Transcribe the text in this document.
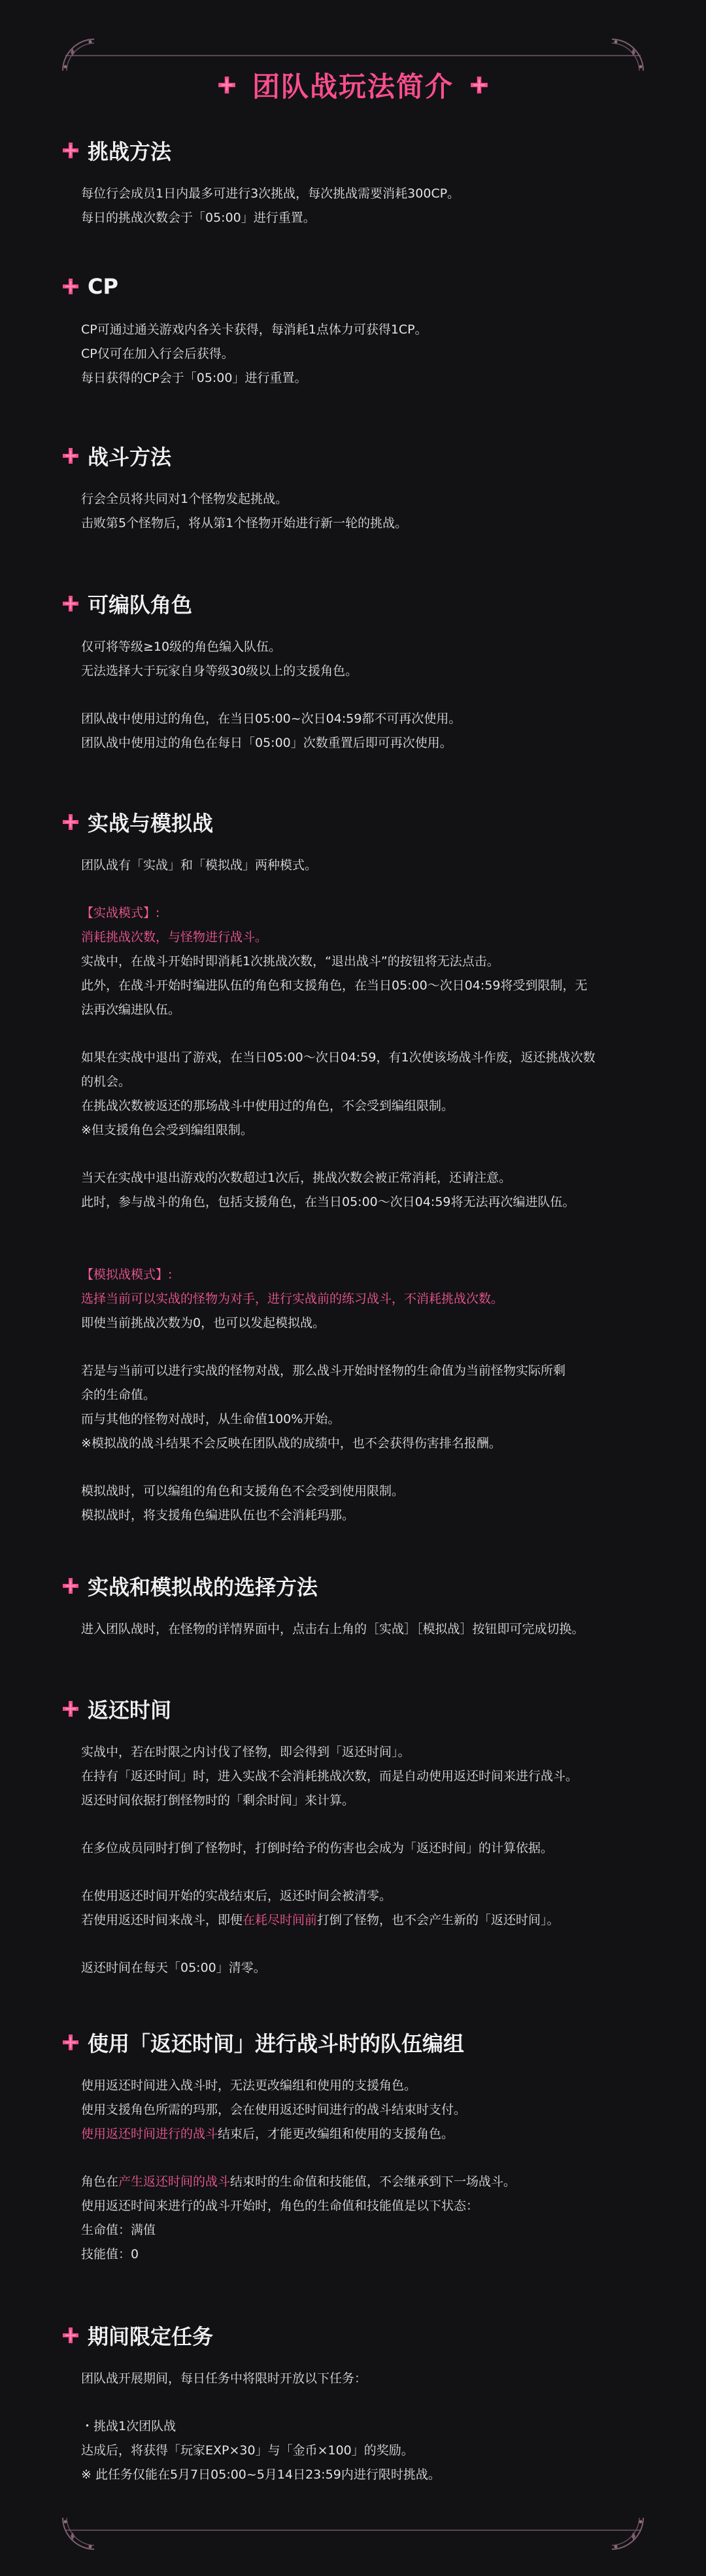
团队战玩法简介
挑战方法

每位行会成员1日内最多可进行3次挑战，每次挑战需要消耗300CP。

每日的挑战次数会于「05:00」进行重置。

CP

CP可通过通关游戏内各关卡获得，每消耗1点体力可获得1CP。

CP仅可在加入行会后获得。

每日获得的CP会于「05:00」进行重置。

战斗方法

行会全员将共同对1个怪物发起挑战。

击败第5个怪物后，将从第1个怪物开始进行新一轮的挑战。

可编队角色

仅可将等级≥10级的角色编入队伍。

无法选择大于玩家自身等级30级以上的支援角色。

团队战中使用过的角色，在当日05:00~次日04:59都不可再次使用。

团队战中使用过的角色在每日「05:00」次数重置后即可再次使用。

实战与模拟战

团队战有「实战」和「模拟战」两种模式。

【实战模式】:

消耗挑战次数，与怪物进行战斗。

实战中，在战斗开始时即消耗1次挑战次数，“退出战斗”的按钮将无法点击。

此外，在战斗开始时编进队伍的角色和支援角色，在当日05:00～次日04:59将受到限制，无

法再次编进队伍。

如果在实战中退出了游戏，在当日05:00～次日04:59，有1次使该场战斗作废，返还挑战次数

的机会。

在挑战次数被返还的那场战斗中使用过的角色，不会受到编组限制。

※但支援角色会受到编组限制。

当天在实战中退出游戏的次数超过1次后，挑战次数会被正常消耗，还请注意。

此时，参与战斗的角色，包括支援角色，在当日05:00～次日04:59将无法再次编进队伍。

【模拟战模式】:

选择当前可以实战的怪物为对手，进行实战前的练习战斗，不消耗挑战次数。

即使当前挑战次数为0，也可以发起模拟战。

若是与当前可以进行实战的怪物对战，那么战斗开始时怪物的生命值为当前怪物实际所剩

余的生命值。

而与其他的怪物对战时，从生命值100%开始。

※模拟战的战斗结果不会反映在团队战的成绩中，也不会获得伤害排名报酬。

模拟战时，可以编组的角色和支援角色不会受到使用限制。

模拟战时，将支援角色编进队伍也不会消耗玛那。

实战和模拟战的选择方法

进入团队战时，在怪物的详情界面中，点击右上角的［实战］［模拟战］按钮即可完成切换。

返还时间

实战中，若在时限之内讨伐了怪物，即会得到「返还时间」。

在持有「返还时间」时，进入实战不会消耗挑战次数，而是自动使用返还时间来进行战斗。

返还时间依据打倒怪物时的「剩余时间」来计算。

在多位成员同时打倒了怪物时，打倒时给予的伤害也会成为「返还时间」的计算依据。

在使用返还时间开始的实战结束后，返还时间会被清零。

若使用返还时间来战斗，即便在耗尽时间前打倒了怪物，也不会产生新的「返还时间」。

返还时间在每天「05:00」清零。

使用「返还时间」进行战斗时的队伍编组

使用返还时间进入战斗时，无法更改编组和使用的支援角色。

使用支援角色所需的玛那，会在使用返还时间进行的战斗结束时支付。

使用返还时间进行的战斗结束后，才能更改编组和使用的支援角色。

角色在产生返还时间的战斗结束时的生命值和技能值，不会继承到下一场战斗。

使用返还时间来进行的战斗开始时，角色的生命值和技能值是以下状态：

生命值：满值

技能值：0

期间限定任务

团队战开展期间，每日任务中将限时开放以下任务：

・挑战1次团队战

达成后，将获得「玩家EXP×30」与「金币×100」的奖励。

※ 此任务仅能在5月7日05:00~5月14日23:59内进行限时挑战。
